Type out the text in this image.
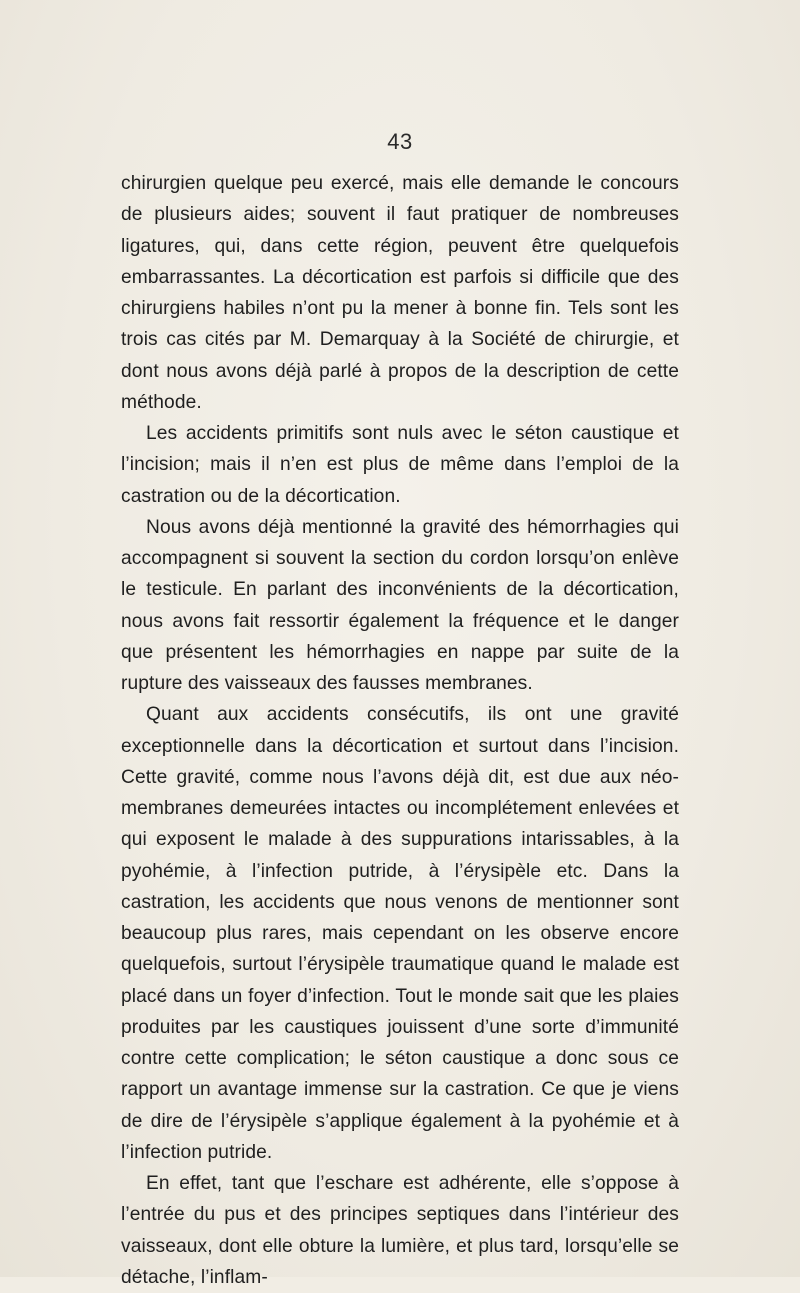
43

chirurgien quelque peu exercé, mais elle demande le concours de plusieurs aides; souvent il faut pratiquer de nombreuses ligatures, qui, dans cette région, peuvent être quelquefois embarrassantes. La décortication est parfois si difficile que des chirurgiens habiles n’ont pu la mener à bonne fin. Tels sont les trois cas cités par M. Demarquay à la Société de chirurgie, et dont nous avons déjà parlé à propos de la description de cette méthode.

Les accidents primitifs sont nuls avec le séton caustique et l’incision; mais il n’en est plus de même dans l’emploi de la castration ou de la décortication.

Nous avons déjà mentionné la gravité des hémorrhagies qui accompagnent si souvent la section du cordon lorsqu’on enlève le testicule. En parlant des inconvénients de la décortication, nous avons fait ressortir également la fréquence et le danger que présentent les hémorrhagies en nappe par suite de la rupture des vaisseaux des fausses membranes.

Quant aux accidents consécutifs, ils ont une gravité exceptionnelle dans la décortication et surtout dans l’incision. Cette gravité, comme nous l’avons déjà dit, est due aux néo-membranes demeurées intactes ou incomplétement enlevées et qui exposent le malade à des suppurations intarissables, à la pyohémie, à l’infection putride, à l’érysipèle etc. Dans la castration, les accidents que nous venons de mentionner sont beaucoup plus rares, mais cependant on les observe encore quelquefois, surtout l’érysipèle traumatique quand le malade est placé dans un foyer d’infection. Tout le monde sait que les plaies produites par les caustiques jouissent d’une sorte d’immunité contre cette complication; le séton caustique a donc sous ce rapport un avantage immense sur la castration. Ce que je viens de dire de l’érysipèle s’applique également à la pyohémie et à l’infection putride.

En effet, tant que l’eschare est adhérente, elle s’oppose à l’entrée du pus et des principes septiques dans l’intérieur des vaisseaux, dont elle obture la lumière, et plus tard, lorsqu’elle se détache, l’inflam-
